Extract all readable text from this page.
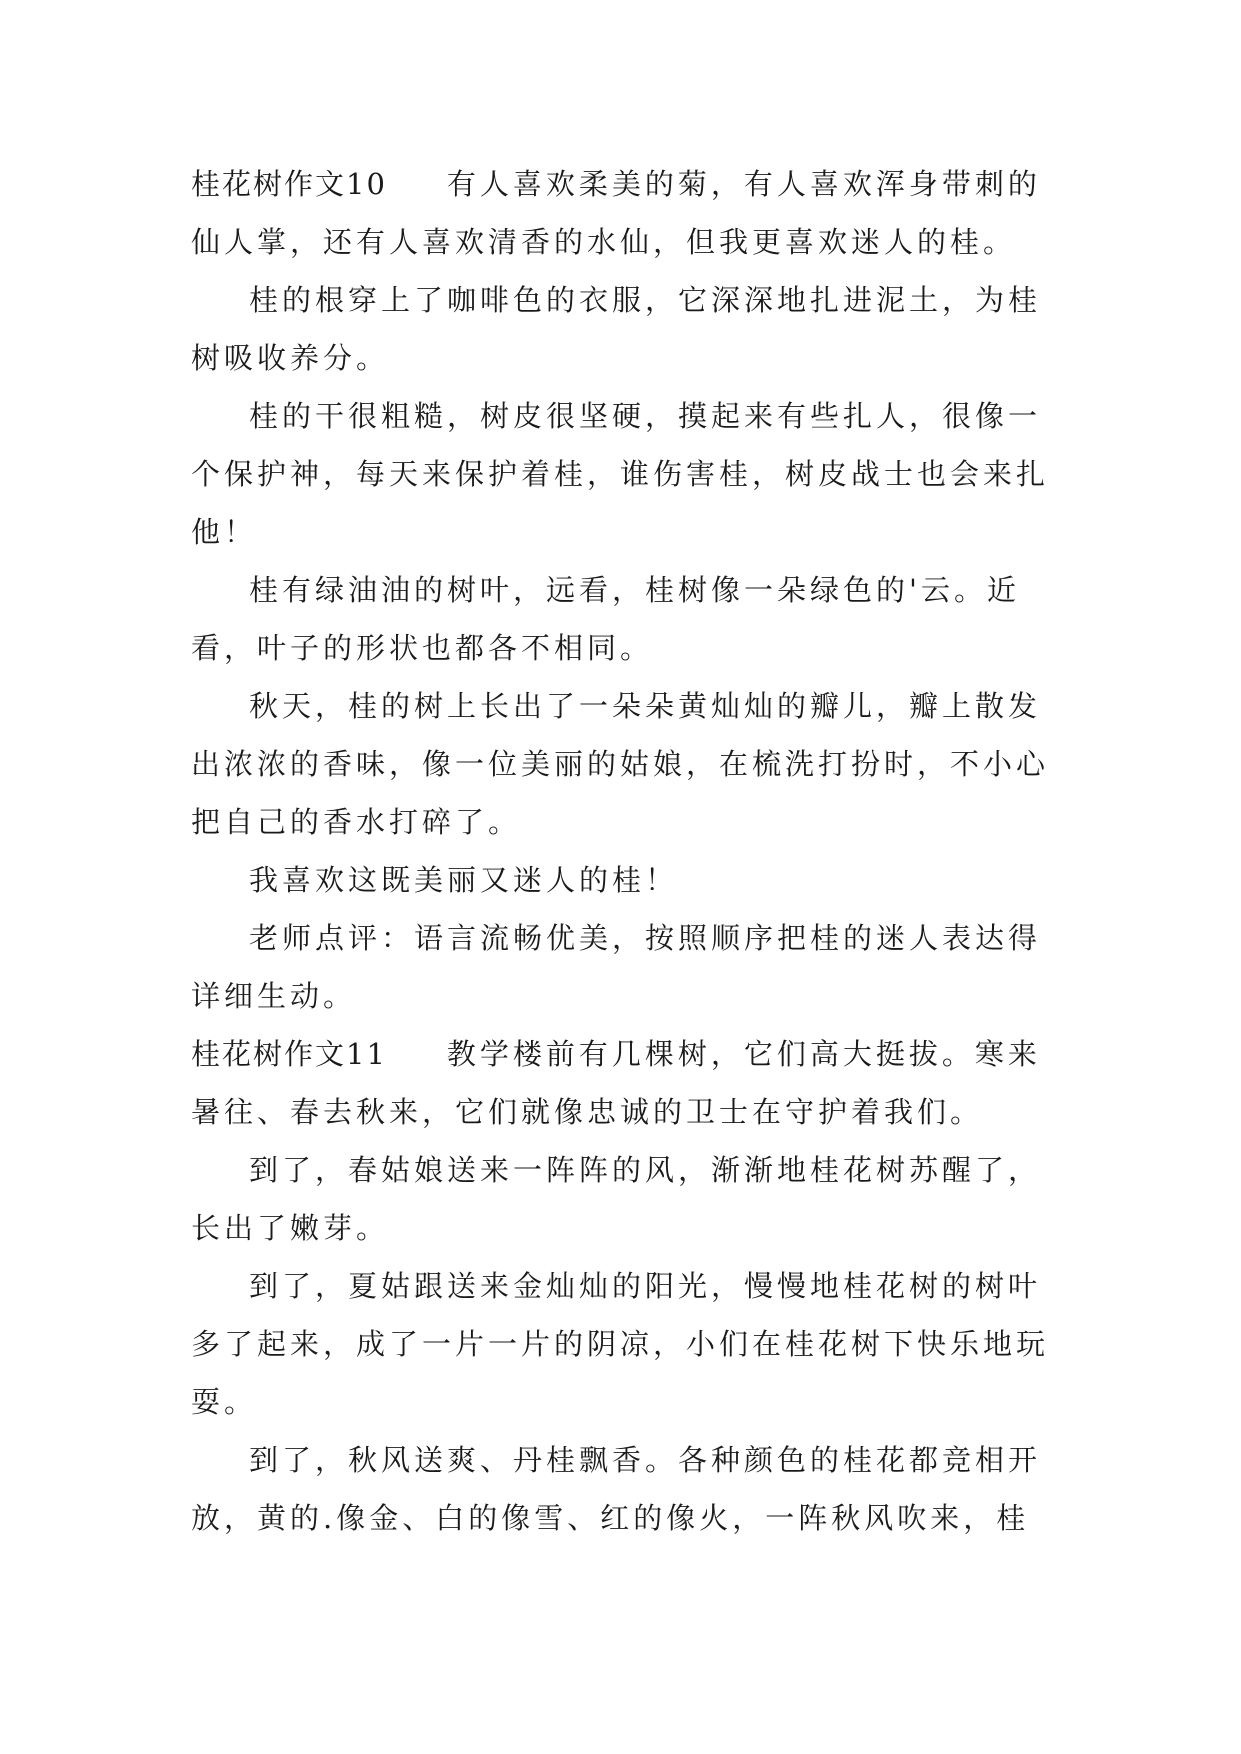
桂花树作文10 有人喜欢柔美的菊，有人喜欢浑身带刺的仙人掌，还有人喜欢清香的水仙，但我更喜欢迷人的桂。

桂的根穿上了咖啡色的衣服，它深深地扎进泥土，为桂树吸收养分。

桂的干很粗糙，树皮很坚硬，摸起来有些扎人，很像一个保护神，每天来保护着桂，谁伤害桂，树皮战士也会来扎他！

桂有绿油油的树叶，远看，桂树像一朵绿色的'云。近看，叶子的形状也都各不相同。

秋天，桂的树上长出了一朵朵黄灿灿的瓣儿，瓣上散发出浓浓的香味，像一位美丽的姑娘，在梳洗打扮时，不小心把自己的香水打碎了。

我喜欢这既美丽又迷人的桂！

老师点评：语言流畅优美，按照顺序把桂的迷人表达得详细生动。

桂花树作文11 教学楼前有几棵树，它们高大挺拔。寒来暑往、春去秋来，它们就像忠诚的卫士在守护着我们。

到了，春姑娘送来一阵阵的风，渐渐地桂花树苏醒了，长出了嫩芽。

到了，夏姑跟送来金灿灿的阳光，慢慢地桂花树的树叶多了起来，成了一片一片的阴凉，小们在桂花树下快乐地玩耍。

到了，秋风送爽、丹桂飘香。各种颜色的桂花都竞相开放，黄的.像金、白的像雪、红的像火，一阵秋风吹来，桂
